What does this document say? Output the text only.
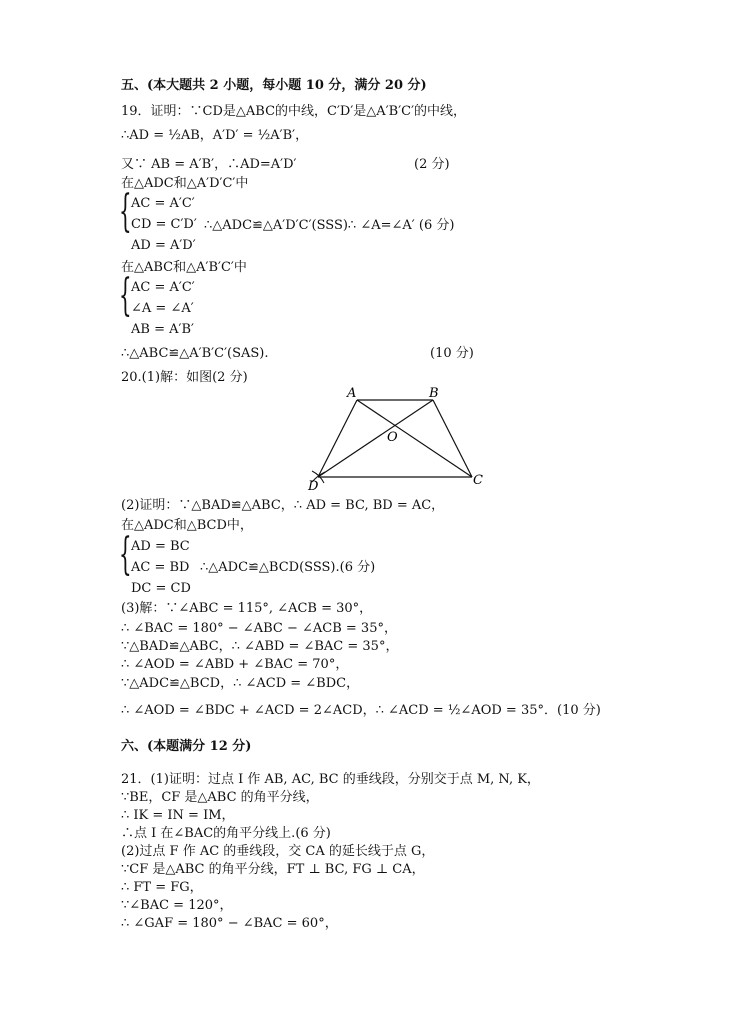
五、(本大题共 2 小题，每小题 10 分，满分 20 分)
19．证明：∵CD是△ABC的中线，C′D′是△A′B′C′的中线，
∴AD = ½AB，A′D′ = ½A′B′，
又∵ AB = A′B′，∴AD=A′D′	(2 分)
在△ADC和△A′D′C′中
{ AC = A′C′
CD = C′D′
AD = A′D′
∴△ADC≌△A′D′C′(SSS)∴ ∠A=∠A′ (6 分)
在△ABC和△A′B′C′中
{ AC = A′C′
∠A = ∠A′
AB = A′B′
∴△ABC≌△A′B′C′(SAS).	(10 分)
20.(1)解：如图(2 分)
A	B
O
C
D
(2)证明：∵△BAD≌△ABC，∴ AD = BC, BD = AC，
在△ADC和△BCD中，
{ AD = BC
AC = BD
DC = CD
∴△ADC≌△BCD(SSS).(6 分)
(3)解：∵∠ABC = 115°, ∠ACB = 30°，
∴ ∠BAC = 180° − ∠ABC − ∠ACB = 35°，
∵△BAD≌△ABC，∴ ∠ABD = ∠BAC = 35°，
∴ ∠AOD = ∠ABD + ∠BAC = 70°，
∵△ADC≌△BCD，∴ ∠ACD = ∠BDC，
∴ ∠AOD = ∠BDC + ∠ACD = 2∠ACD，∴ ∠ACD = ½∠AOD = 35°．(10 分)
六、(本题满分 12 分)
21．(1)证明：过点 I 作 AB, AC, BC 的垂线段，分别交于点 M, N, K，
∵BE，CF 是△ABC 的角平分线，
∴ IK = IN = IM，
∴点 I 在∠BAC的角平分线上.(6 分)
(2)过点 F 作 AC 的垂线段，交 CA 的延长线于点 G，
∵CF 是△ABC 的角平分线，FT ⊥ BC, FG ⊥ CA，
∴ FT = FG，
∵∠BAC = 120°，
∴ ∠GAF = 180° − ∠BAC = 60°，
